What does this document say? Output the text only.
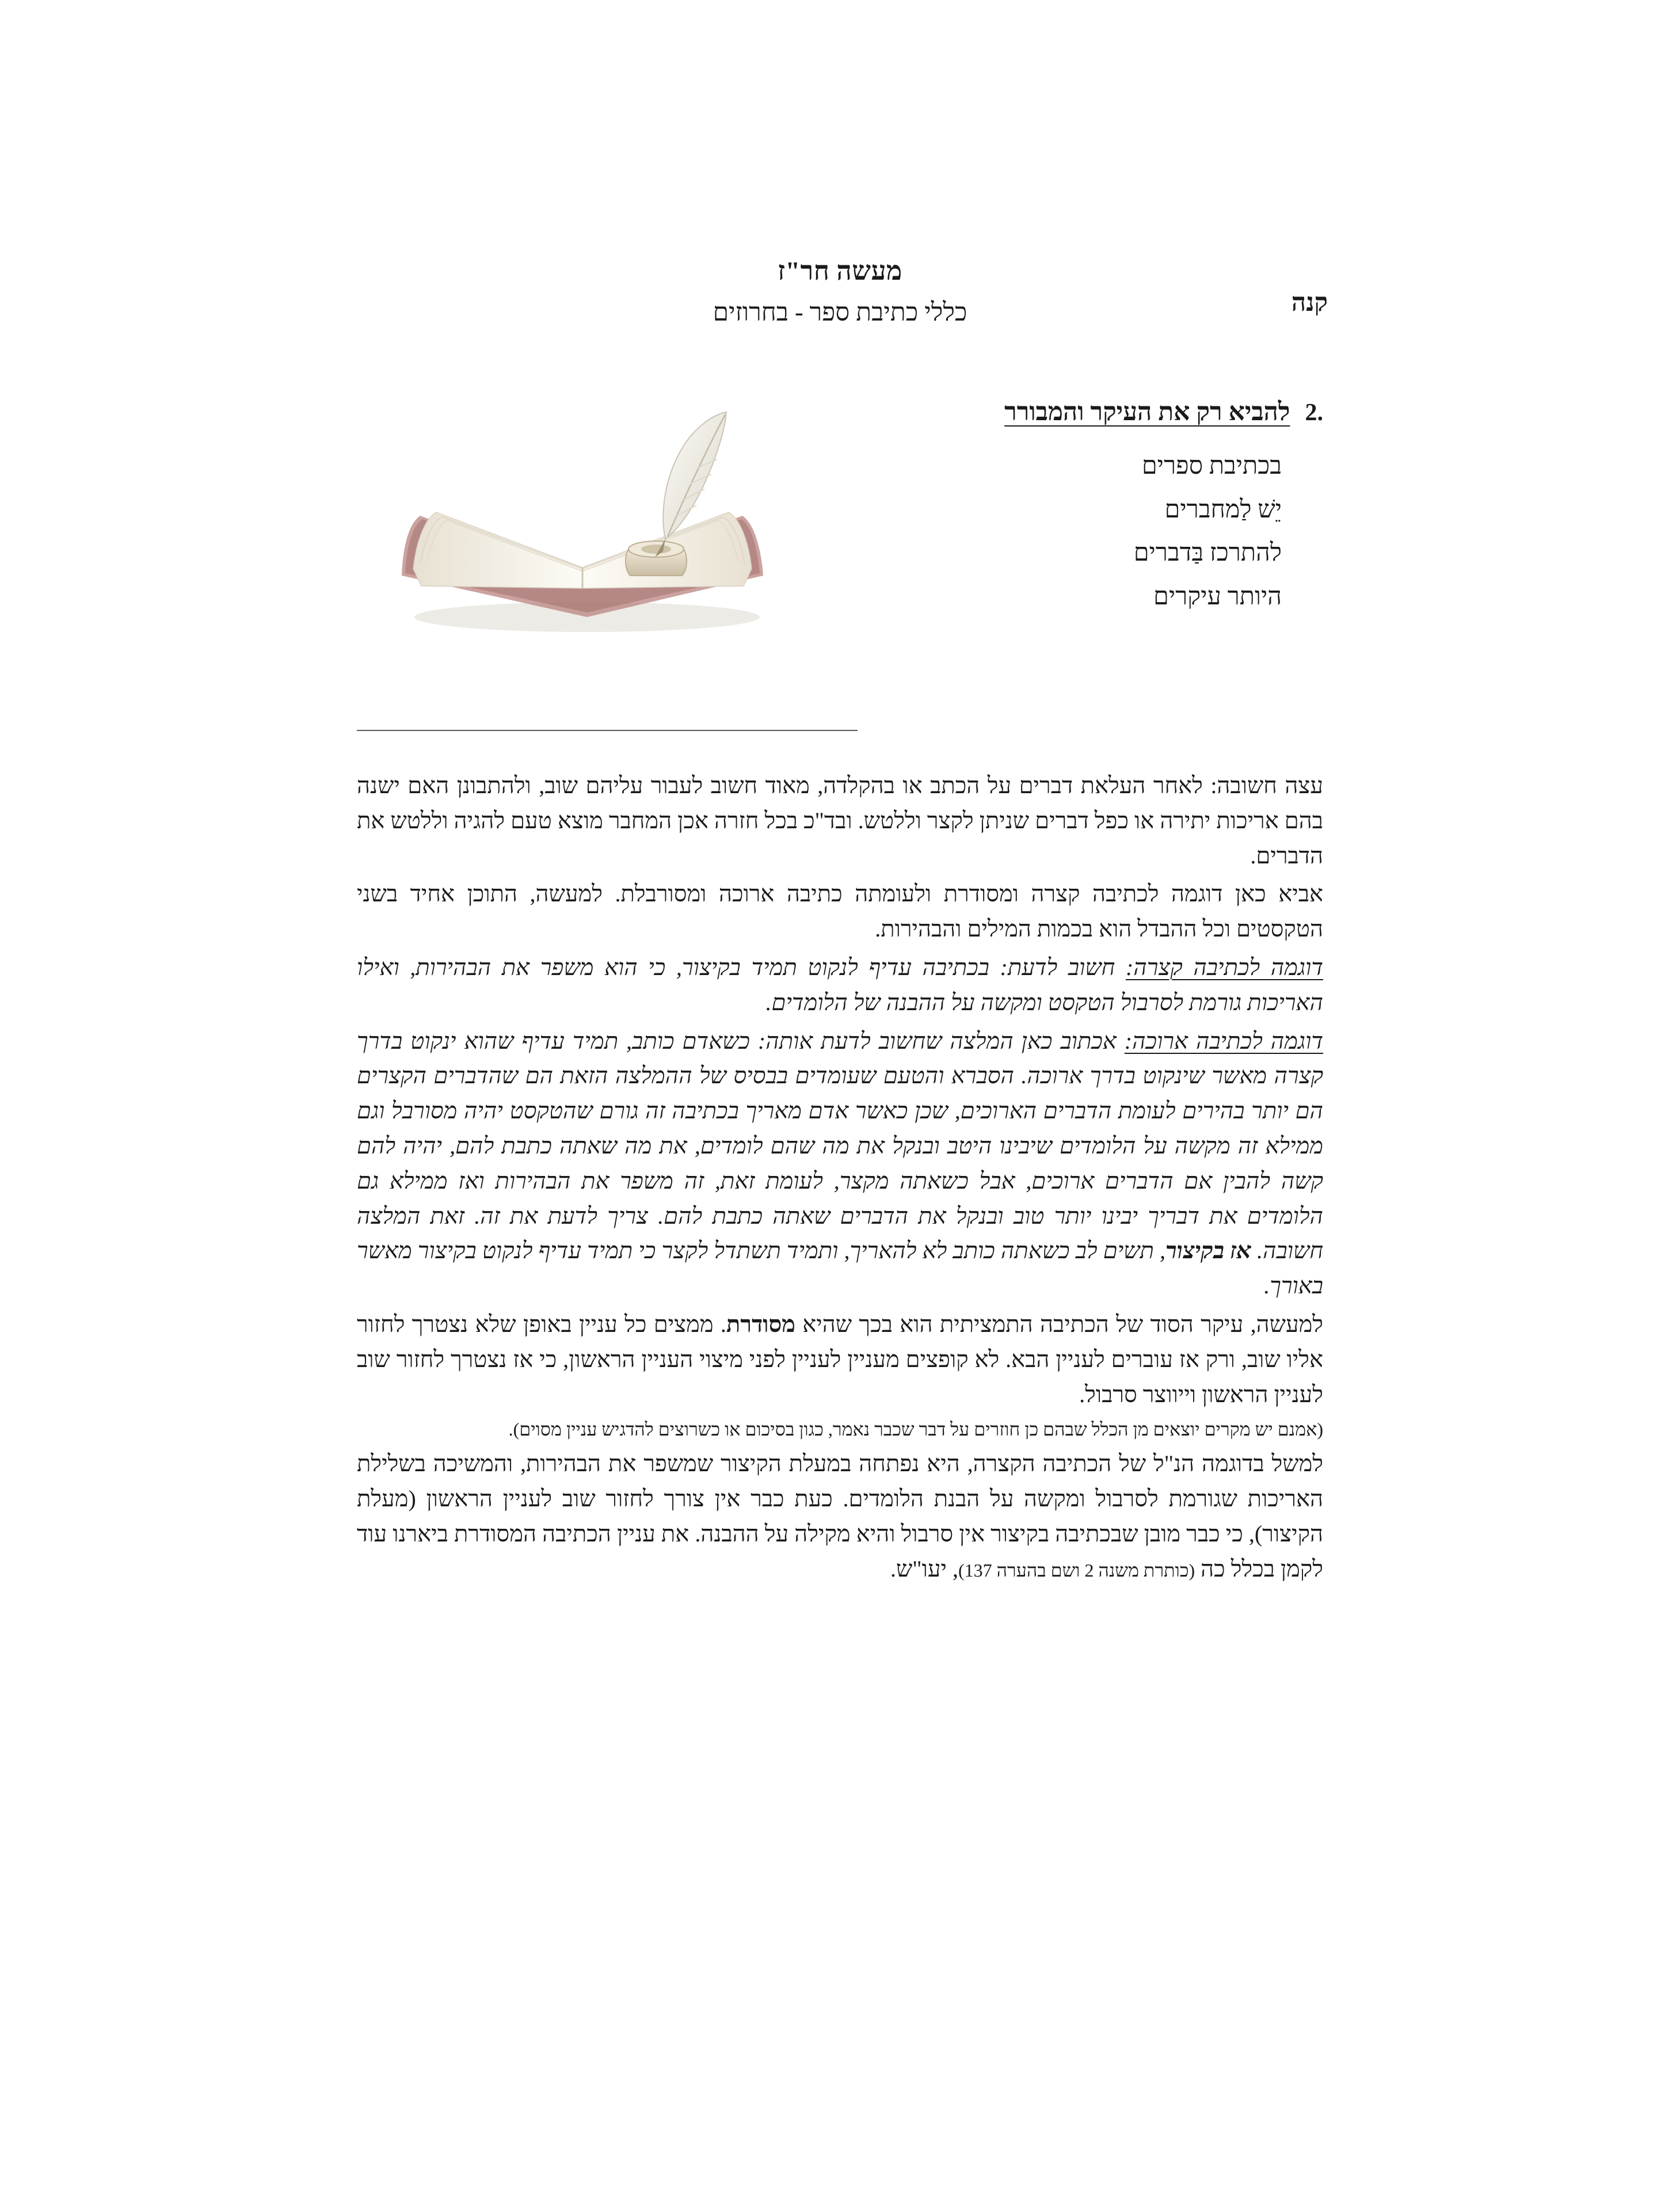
קנה
מעשה חר"ז
כללי כתיבת ספר - בחרוזים
.2
להביא רק את העיקר והמבורר
בכתיבת ספרים
יֵשׁ לַמחברים
להתרכז בַּדברים
היותר עיקרים

עצה חשובה: לאחר העלאת דברים על הכתב או בהקלדה, מאוד חשוב לעבור עליהם שוב, ולהתבונן האם ישנה בהם אריכות יתירה או כפל דברים שניתן לקצר וללטש. ובד"כ בכל חזרה אכן המחבר מוצא טעם להגיה וללטש את הדברים.

אביא כאן דוגמה לכתיבה קצרה ומסודרת ולעומתה כתיבה ארוכה ומסורבלת. למעשה, התוכן אחיד בשני הטקסטים וכל ההבדל הוא בכמות המילים והבהירות.

דוגמה לכתיבה קצרה: חשוב לדעת: בכתיבה עדיף לנקוט תמיד בקיצור, כי הוא משפר את הבהירות, ואילו האריכות גורמת לסרבול הטקסט ומקשה על ההבנה של הלומדים.

דוגמה לכתיבה ארוכה: אכתוב כאן המלצה שחשוב לדעת אותה: כשאדם כותב, תמיד עדיף שהוא ינקוט בדרך קצרה מאשר שינקוט בדרך ארוכה. הסברא והטעם שעומדים בבסיס של ההמלצה הזאת הם שהדברים הקצרים הם יותר בהירים לעומת הדברים הארוכים, שכן כאשר אדם מאריך בכתיבה זה גורם שהטקסט יהיה מסורבל וגם ממילא זה מקשה על הלומדים שיבינו היטב ובנקל את מה שהם לומדים, את מה שאתה כתבת להם, יהיה להם קשה להבין אם הדברים ארוכים, אבל כשאתה מקצר, לעומת זאת, זה משפר את הבהירות ואז ממילא גם הלומדים את דבריך יבינו יותר טוב ובנקל את הדברים שאתה כתבת להם. צריך לדעת את זה. זאת המלצה חשובה. אז בקיצור, תשים לב כשאתה כותב לא להאריך, ותמיד תשתדל לקצר כי תמיד עדיף לנקוט בקיצור מאשר באורך.

למעשה, עיקר הסוד של הכתיבה התמציתית הוא בכך שהיא מסודרת. ממצים כל עניין באופן שלא נצטרך לחזור אליו שוב, ורק אז עוברים לעניין הבא. לא קופצים מעניין לעניין לפני מיצוי העניין הראשון, כי אז נצטרך לחזור שוב לעניין הראשון וייווצר סרבול.

(אמנם יש מקרים יוצאים מן הכלל שבהם כן חוזרים על דבר שכבר נאמר, כגון בסיכום או כשרוצים להדגיש עניין מסוים).

למשל בדוגמה הנ"ל של הכתיבה הקצרה, היא נפתחה במעלת הקיצור שמשפר את הבהירות, והמשיכה בשלילת האריכות שגורמת לסרבול ומקשה על הבנת הלומדים. כעת כבר אין צורך לחזור שוב לעניין הראשון (מעלת הקיצור), כי כבר מובן שבכתיבה בקיצור אין סרבול והיא מקילה על ההבנה. את עניין הכתיבה המסודרת ביארנו עוד לקמן בכלל כה (כותרת משנה 2 ושם בהערה 137), יעו"ש.
